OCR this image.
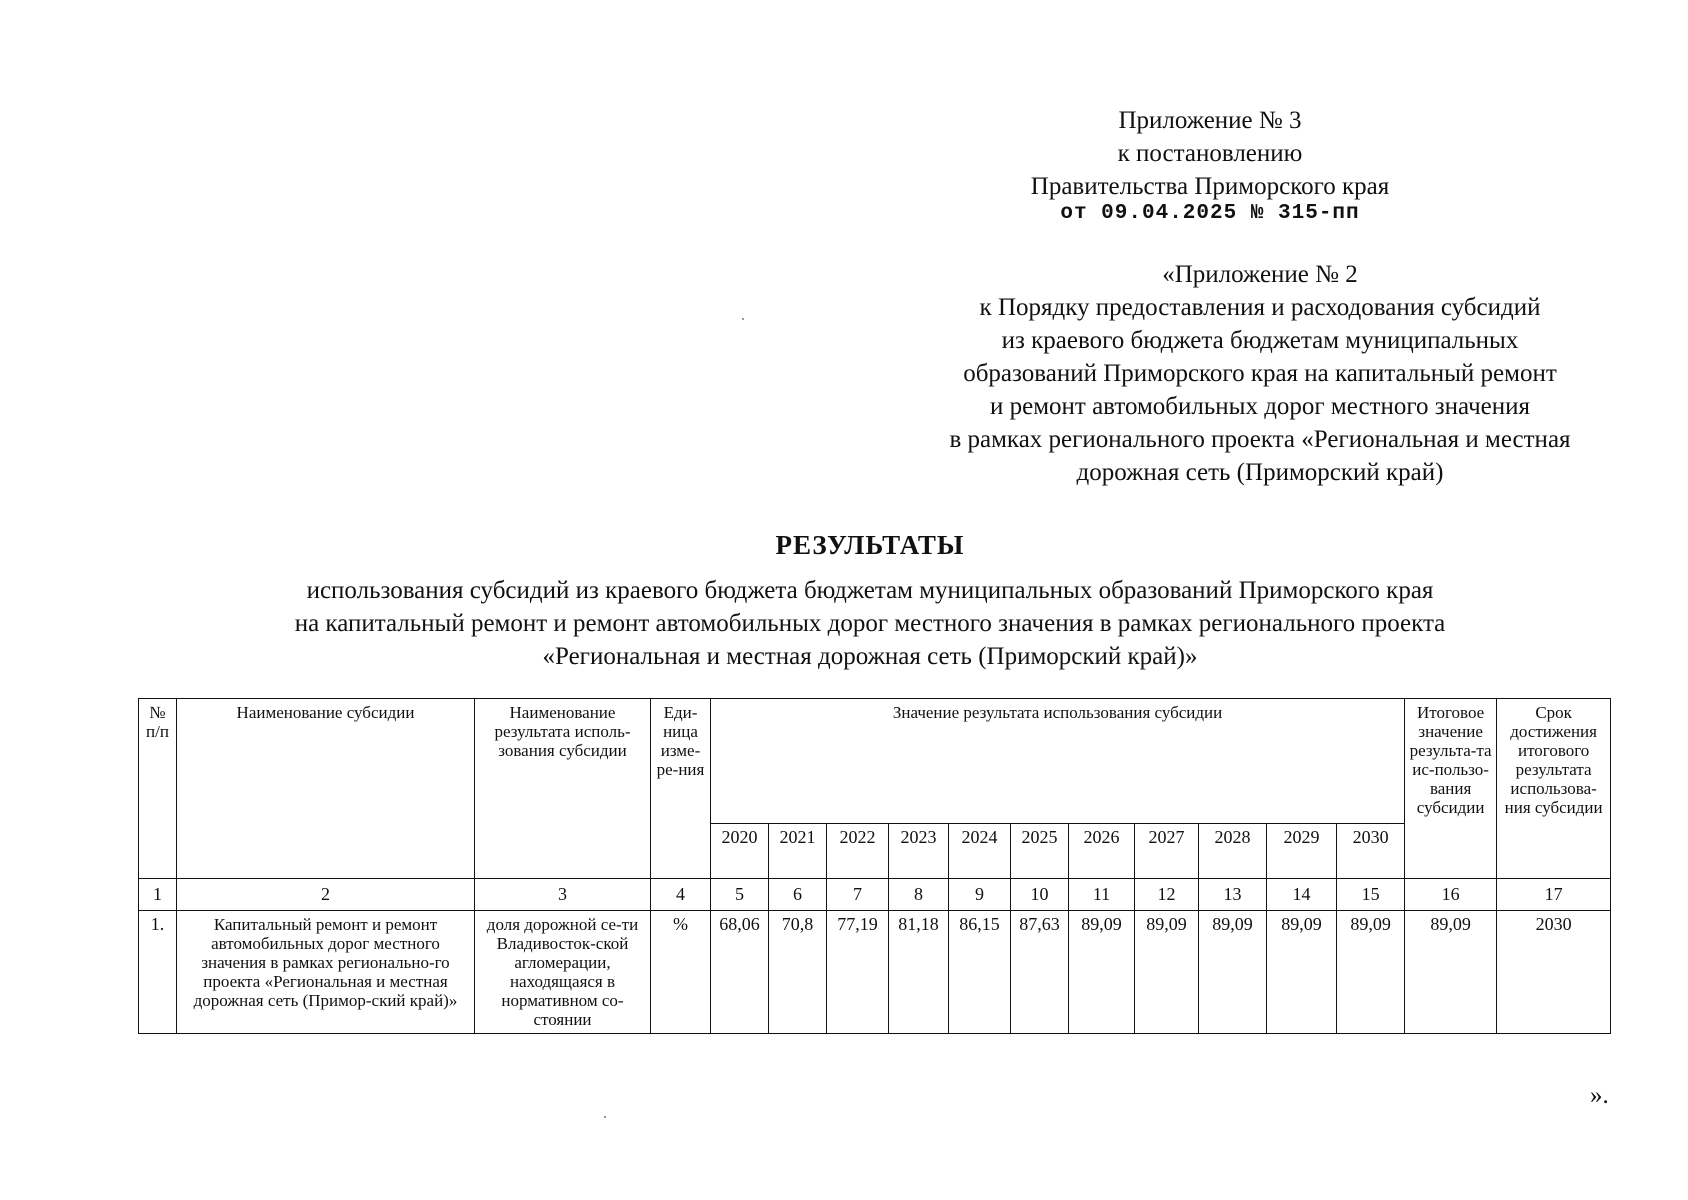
Приложение № 3
к постановлению
Правительства Приморского края
от 09.04.2025 № 315-пп
«Приложение № 2
к Порядку предоставления и расходования субсидий
из краевого бюджета бюджетам муниципальных
образований Приморского края на капитальный ремонт
и ремонт автомобильных дорог местного значения
в рамках регионального проекта «Региональная и местная
дорожная сеть (Приморский край)
РЕЗУЛЬТАТЫ
использования субсидий из краевого бюджета бюджетам муниципальных образований Приморского края
на капитальный ремонт и ремонт автомобильных дорог местного значения в рамках регионального проекта
«Региональная и местная дорожная сеть (Приморский край)»
№ п/п	Наименование субсидии	Наименование результата исполь-зования субсидии	Еди-ница изме-ре-ния	Значение результата использования субсидии											Итоговое значение результа-та ис-пользо-вания субсидии	Срок достижения итогового результата использова-ния субсидии
				2020	2021	2022	2023	2024	2025	2026	2027	2028	2029	2030		
1	2	3	4	5	6	7	8	9	10	11	12	13	14	15	16	17
1.	Капитальный ремонт и ремонт автомобильных дорог местного значения в рамках регионально-го проекта «Региональная и местная дорожная сеть (Примор-ский край)»	доля дорожной се-ти Владивосток-ской агломерации, находящаяся в нормативном со-стоянии	%	68,06	70,8	77,19	81,18	86,15	87,63	89,09	89,09	89,09	89,09	89,09	89,09	2030
».
